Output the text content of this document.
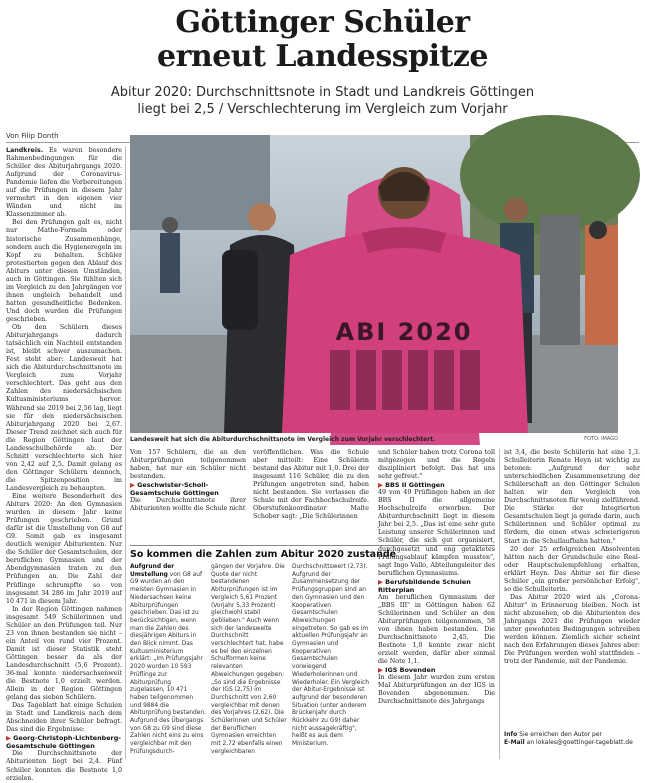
Göttinger Schüler
erneut Landesspitze
Abitur 2020: Durchschnittsnote in Stadt und Landkreis Göttingen
liegt bei 2,5 / Verschlechterung im Vergleich zum Vorjahr
Von Filip Donth

Landkreis. Es waren besondere Rahmenbedingungen für die Schüler des Abiturjahrgangs 2020. Aufgrund der Coronavirus-Pandemie liefen die Vorbereitungen auf die Prüfungen in diesem Jahr vermehrt in den eigenen vier Wänden und nicht im Klassenzimmer ab.

Bei den Prüfungen galt es, nicht nur Mathe-Formeln oder historische Zusammenhänge, sondern auch die Hygieneregeln im Kopf zu behalten. Schüler protestierten gegen den Ablauf des Abiturs unter diesen Umständen, auch in Göttingen. Sie fühlten sich im Vergleich zu den Jahrgängen vor ihnen ungleich behandelt und hatten gesundheitliche Bedenken. Und doch wurden die Prüfungen geschrieben.

Ob den Schülern dieses Abiturjahrgangs dadurch tatsächlich ein Nachteil entstanden ist, bleibt schwer auszumachen. Fest steht aber: Landesweit hat sich die Abiturdurchschnittsnote im Vergleich zum Vorjahr verschlechtert. Das geht aus den Zahlen des niedersächsischen Kultusministeriums hervor. Während sie 2019 bei 2,56 lag, liegt sie für den niedersächsischen Abiturjahrgang 2020 bei 2,67. Dieser Trend zeichnet sich auch für die Region Göttingen laut der Landesschulbehörde ab. Der Schnitt verschlechterte sich hier von 2,42 auf 2,5. Damit gelang es den Göttinger Schülern dennoch, die Spitzenposition im Landesvergleich zu behaupten.

Eine weitere Besonderheit des Abiturs 2020: An den Gymnasien wurden in diesem Jahr keine Prüfungen geschrieben. Grund dafür ist die Umstellung von G8 auf G9. Somit gab es insgesamt deutlich weniger Abiturienten. Nur die Schüler der Gesamtschulen, der beruflichen Gymnasien und der Abendgymnasien traten zu den Prüfungen an. Die Zahl der Prüflinge schrumpfte so von insgesamt 34 286 im Jahr 2019 auf 10 471 in diesem Jahr.

In der Region Göttingen nahmen insgesamt 549 Schülerinnen und Schüler an den Prüfungen teil. Nur 23 von ihnen bestanden sie nicht – ein Anteil von rund vier Prozent. Damit ist dieser Statistik steht Göttingen besser da als der Landesdurchschnitt (5,6 Prozent). 36-mal konnte niedersachsenweit die Bestnote 1,0 erzielt werden. Allein in der Region Göttingen gelang das sieben Schülern.

Das Tageblatt hat einige Schulen in Stadt und Landkreis nach dem Abschneiden ihrer Schüler befragt. Das sind die Ergebnisse:

▶ Georg-Christoph-Lichtenberg-Gesamtschule Göttingen

Die Durchschnittsnote der Abiturienten liegt bei 2,4. Fünf Schüler konnten die Bestnote 1,0 erzielen.

ABI 2020
Landesweit hat sich die Abiturdurchschnittsnote im Vergleich zum Vorjahr verschlechtert.	FOTO: IMAGO

Von 157 Schülern, die an den Abiturprüfungen teilgenommen haben, hat nur ein Schüler nicht bestanden.

▶ Geschwister-Scholl-Gesamtschule Göttingen

Die Durchschnittsnote ihrer Abiturienten wollte die Schule nicht

veröffentlichen. Was die Schule aber mitteilt: Eine Schülerin bestand das Abitur mit 1,0. Drei der insgesamt 116 Schüler, die zu den Prüfungen angetreten sind, haben nicht bestanden. Sie verlassen die Schule mit der Fachhochschulreife. Oberstufenkoordinator Malte Schober sagt: „Die Schülerinnen

und Schüler haben trotz Corona toll mitgezogen und die Regeln diszipliniert befolgt. Das hat uns sehr gefreut."

▶ BBS II Göttingen

49 von 49 Prüflingen haben an der BBS II die allgemeine Hochschulreife erworben. Der Abiturdurchschnitt liegt in diesem Jahr bei 2,5. „Das ist eine sehr gute Leistung unserer Schülerinnen und Schüler, die sich gut organisiert, durchgesetzt und eng getaktetes Prüfungsablauf kämpfen mussten", sagt Ingo Vallo, Abteilungsleiter des beruflichen Gymnasiums.

▶ Berufsbildende Schulen Ritterplan

Am beruflichen Gymnasium der „BBS III" in Göttingen haben 62 Schülerinnen und Schüler an den Abiturprüfungen teilgenommen, 58 von ihnen haben bestanden. Die Durchschnittsnote 2,45. Die Bestnote 1,0 konnte zwar nicht erzielt werden, dafür aber einmal die Note 1,1.

▶ IGS Bovenden

In diesem Jahr wurden zum ersten Mal Abiturprüfungen an der IGS in Bovenden abgenommen. Die Durchschnittsnote des Jahrgangs

ist 3,4, die beste Schülerin hat eine 1,3. Schulleiterin Renate Heyn ist wichtig zu betonen: „Aufgrund der sehr unterschiedlichen Zusammensetzung der Schülerschaft an den Göttinger Schulen halten wir den Vergleich von Durchschnittsnoten für wenig zielführend. Die Stärke der Integrierten Gesamtschulen liegt ja gerade darin, auch Schülerinnen und Schüler optimal zu fördern, die einen etwas schwierigeren Start in die Schullaufbahn hatten."

20 der 25 erfolgreichen Absolventen hätten nach der Grundschule eine Real- oder Hauptschulempfehlung erhalten, erklärt Heyn. Das Abitur sei für diese Schüler „ein großer persönlicher Erfolg", so die Schulleiterin.

Das Abitur 2020 wird als „Corona-Abitur" in Erinnerung bleiben. Noch ist nicht abzusehen, ob die Abiturienten des Jahrgangs 2021 die Prüfungen wieder unter gewohnten Bedingungen schreiben werden können. Ziemlich sicher scheint nach den Erfahrungen dieses Jahres aber: Die Prüfungen werden wohl stattfinden – trotz der Pandemie, mit der Pandemie.

So kommen die Zahlen zum Abitur 2020 zustande
Aufgrund der Umstellung von G8 auf G9 wurden an den meisten Gymnasien in Niedersachsen keine Abiturprüfungen geschrieben. Das ist zu berücksichtigen, wenn man die Zahlen des diesjährigen Abiturs in den Blick nimmt. Das Kultusministerium erklärt: „Im Prüfungsjahr 2020 wurden 10 593 Prüflinge zur Abiturprüfung zugelassen, 10 471 haben teilgenommen und 9884 die Abiturprüfung bestanden. Aufgrund des Übergangs von G8 zu G9 sind diese Zahlen nicht eins zu eins vergleichbar mit den Prüfungsdurch-
gängen der Vorjahre. Die Quote der nicht bestandenen Abiturprüfungen ist im Vergleich 5,61 Prozent (Vorjahr 5,33 Prozent) gleichwohl stabil geblieben." Auch wenn sich der landesweite Durchschnitt verschlechtert hat, habe es bei den einzelnen Schulformen keine relevanten Abweichungen gegeben: „So sind die Ergebnisse der IGS (2,75) im Durchschnitt von 2,60 vergleichbar mit denen des Vorjahres (2,62). Die Schülerinnen und Schüler der Beruflichen Gymnasien erreichten mit 2,72 ebenfalls einen vergleichbaren
Durchschnittswert (2,73). Aufgrund der Zusammensetzung der Prüfungsgruppen sind an den Gymnasien und den Kooperativen Gesamtschulen Abweichungen eingetreten. So gab es im aktuellen Prüfungsjahr an Gymnasien und Kooperativen Gesamtschulen vorwiegend Wiederholerinnen und Wiederholer. Ein Vergleich der Abitur-Ergebnisse ist aufgrund der besonderen Situation (unter anderem Brückenjahr durch Rückkehr zu G9) daher nicht aussagekräftig", heißt es aus dem Ministerium.
Info Sie erreichen den Autor per
E-Mail an lokales@goettinger-tageblatt.de
